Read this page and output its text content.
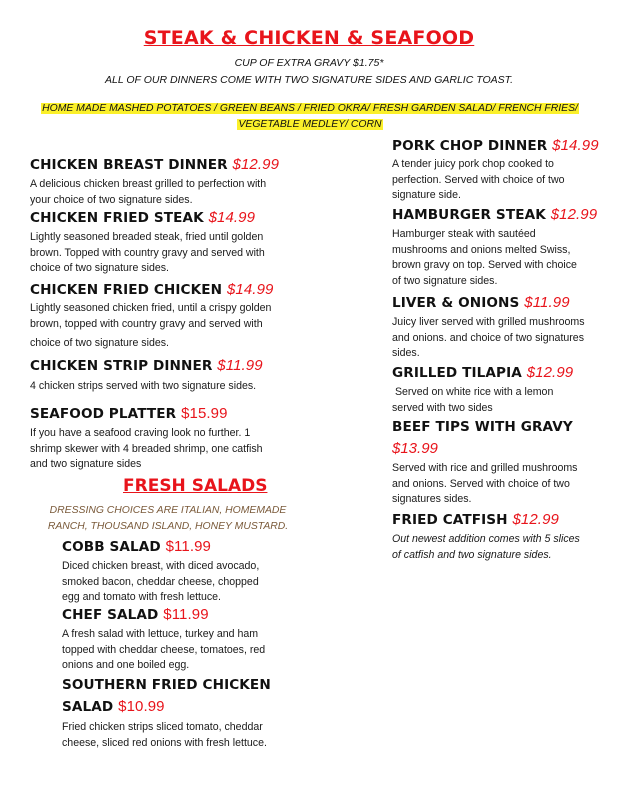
STEAK & CHICKEN & SEAFOOD
CUP OF EXTRA GRAVY $1.75*
ALL OF OUR DINNERS COME WITH TWO SIGNATURE SIDES AND GARLIC TOAST.
HOME MADE MASHED POTATOES / GREEN BEANS / FRIED OKRA/ FRESH GARDEN SALAD/ FRENCH FRIES/
VEGETABLE MEDLEY/ CORN
CHICKEN BREAST DINNER $12.99
A delicious chicken breast grilled to perfection with
your choice of two signature sides.
CHICKEN FRIED STEAK $14.99
Lightly seasoned breaded steak, fried until golden
brown. Topped with country gravy and served with
choice of two signature sides.
CHICKEN FRIED CHICKEN $14.99
Lightly seasoned chicken fried, until a crispy golden
brown, topped with country gravy and served with
choice of two signature sides.
CHICKEN STRIP DINNER $11.99
4 chicken strips served with two signature sides.
SEAFOOD PLATTER $15.99
If you have a seafood craving look no further. 1
shrimp skewer with 4 breaded shrimp, one catfish
and two signature sides
FRESH SALADS
DRESSING CHOICES ARE ITALIAN, HOMEMADE
RANCH, THOUSAND ISLAND, HONEY MUSTARD.
COBB SALAD $11.99
Diced chicken breast, with diced avocado,
smoked bacon, cheddar cheese, chopped
egg and tomato with fresh lettuce.
CHEF SALAD $11.99
A fresh salad with lettuce, turkey and ham
topped with cheddar cheese, tomatoes, red
onions and one boiled egg.
SOUTHERN FRIED CHICKEN
SALAD $10.99
Fried chicken strips sliced tomato, cheddar
cheese, sliced red onions with fresh lettuce.
PORK CHOP DINNER $14.99
A tender juicy pork chop cooked to
perfection. Served with choice of two
signature side.
HAMBURGER STEAK $12.99
Hamburger steak with sautéed
mushrooms and onions melted Swiss,
brown gravy on top. Served with choice
of two signature sides.
LIVER & ONIONS $11.99
Juicy liver served with grilled mushrooms
and onions. and choice of two signatures
sides.
GRILLED TILAPIA $12.99
Served on white rice with a lemon
served with two sides
BEEF TIPS WITH GRAVY
$13.99
Served with rice and grilled mushrooms
and onions. Served with choice of two
signatures sides.
FRIED CATFISH $12.99
Out newest addition comes with 5 slices
of catfish and two signature sides.
